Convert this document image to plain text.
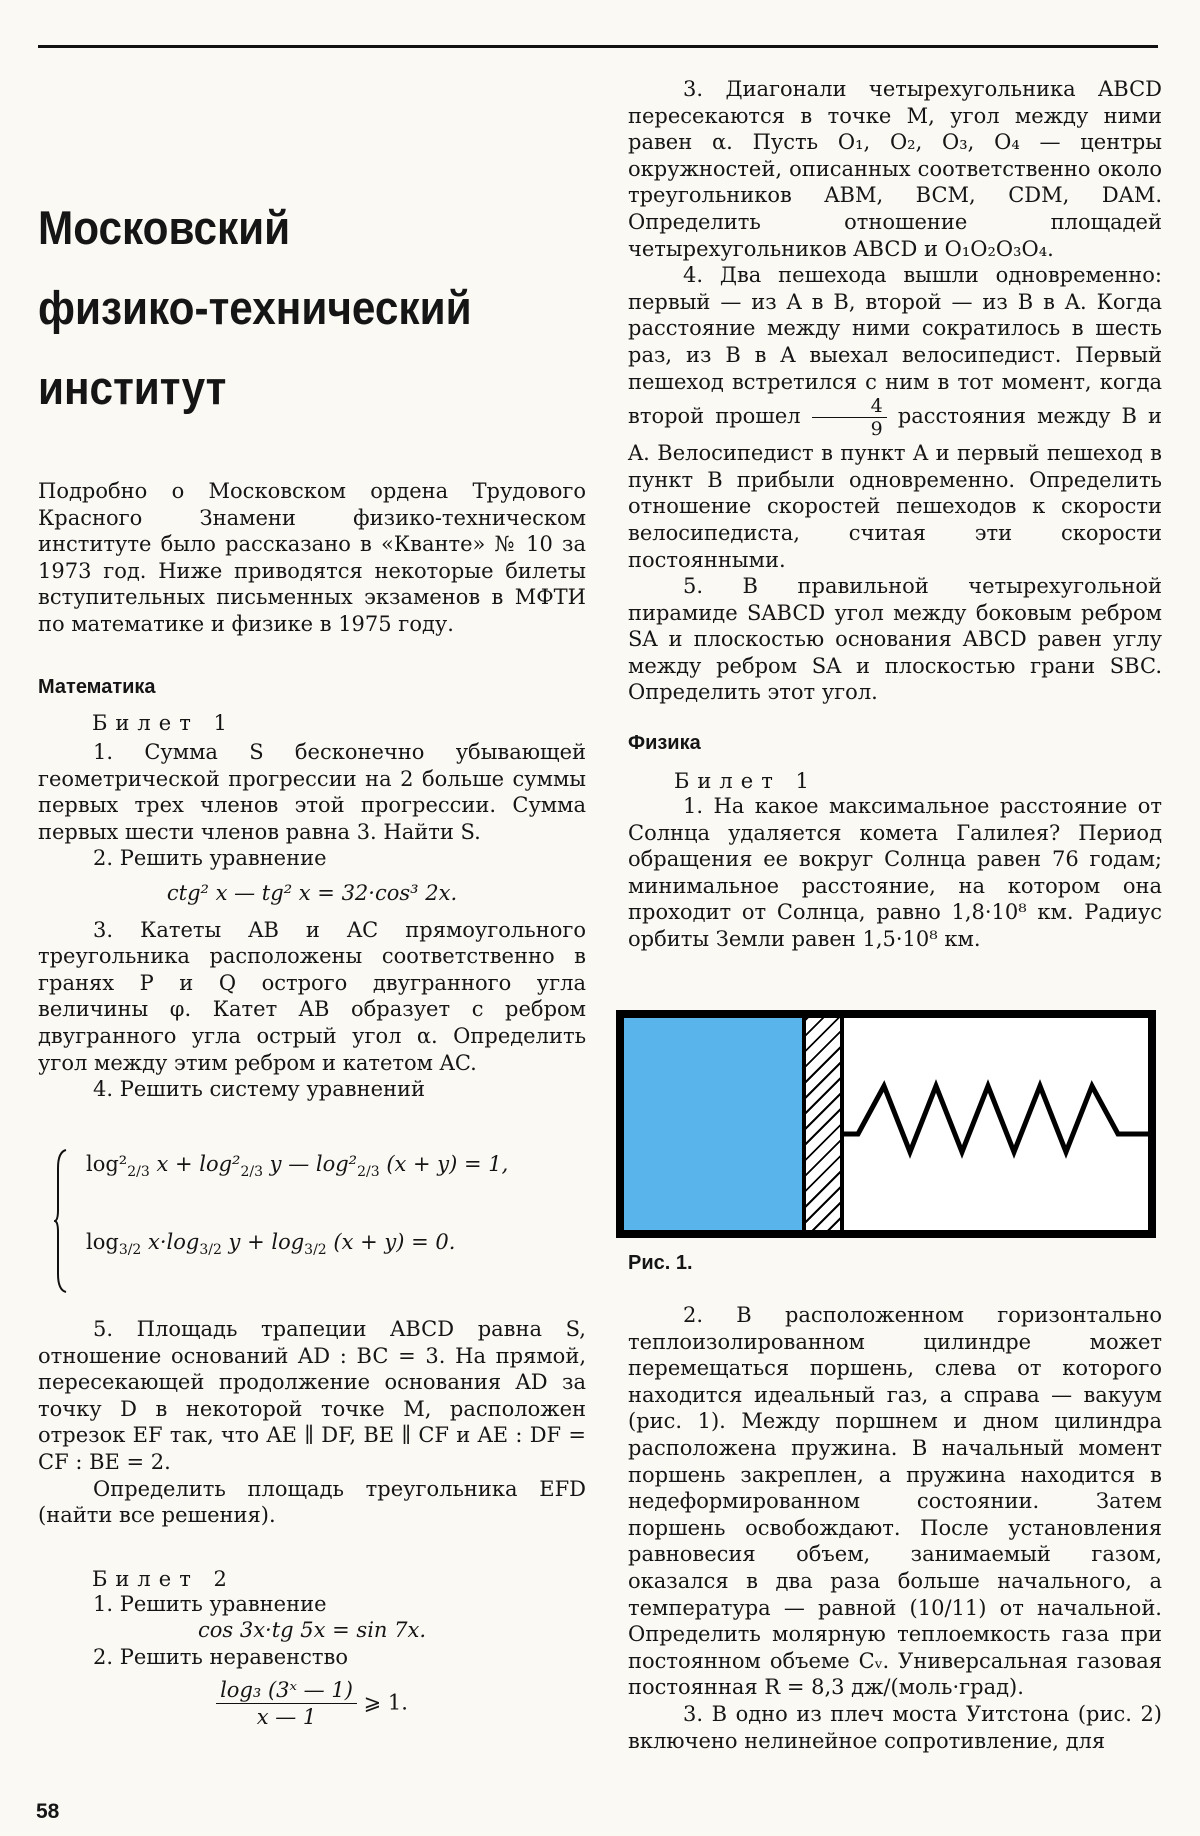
Московский
физико-технический
институт

Подробно о Московском ордена Трудового Красного Знамени физико-техническом институте было рассказано в «Кванте» № 10 за 1973 год. Ниже приводятся некоторые билеты вступительных письменных экзаменов в МФТИ по математике и физике в 1975 году.

Математика

Билет 1

1. Сумма S бесконечно убывающей геометрической прогрессии на 2 больше суммы первых трех членов этой прогрессии. Сумма первых шести членов равна 3. Найти S.

2. Решить уравнение

ctg² x — tg² x = 32·cos³ 2x.

3. Катеты AB и AC прямоугольного треугольника расположены соответственно в гранях P и Q острого двугранного угла величины φ. Катет AB образует с ребром двугранного угла острый угол α. Определить угол между этим ребром и катетом AC.

4. Решить систему уравнений

$\log^2_{2/3}$ $x + \log^2_{2/3}$ y — $\log^2_{2/3}$ (x + y) = 1,
$\log_{3/2} x\cdot\log_{3/2}$ $y + \log_{3/2} (x + y) = 0$.

5. Площадь трапеции ABCD равна S, отношение оснований AD : BC = 3. На прямой, пересекающей продолжение основания AD за точку D в некоторой точке M, расположен отрезок EF так, что AE ∥ DF, BE ∥ CF и AE : DF = CF : BE = 2.

Определить площадь треугольника EFD (найти все решения).

Билет 2

1. Решить уравнение

cos 3x·tg 5x = sin 7x.

2. Решить неравенство

$\frac{\text{log₃ (3ˣ — 1)}}{x — 1}$ ⩾ 1.

3. Диагонали четырехугольника ABCD пересекаются в точке M, угол между ними равен α. Пусть O₁, O₂, O₃, O₄ — центры окружностей, описанных соответственно около треугольников ABM, BCM, CDM, DAM. Определить отношение площадей четырехугольников ABCD и O₁O₂O₃O₄.

4. Два пешехода вышли одновременно: первый — из A в B, второй — из B в A. Когда расстояние между ними сократилось в шесть раз, из B в A выехал велосипедист. Первый пешеход встретился с ним в тот момент, когда второй прошел $\frac{4}{9}$ расстояния между B и A. Велосипедист в пункт A и первый пешеход в пункт B прибыли одновременно. Определить отношение скоростей пешеходов к скорости велосипедиста, считая эти скорости постоянными.

5. В правильной четырехугольной пирамиде SABCD угол между боковым ребром SA и плоскостью основания ABCD равен углу между ребром SA и плоскостью грани SBC. Определить этот угол.

Физика

Билет 1

1. На какое максимальное расстояние от Солнца удаляется комета Галилея? Период обращения ее вокруг Солнца равен 76 годам; минимальное расстояние, на котором она проходит от Солнца, равно 1,8·10⁸ км. Радиус орбиты Земли равен 1,5·10⁸ км.

Рис. 1.

2. В расположенном горизонтально теплоизолированном цилиндре может перемещаться поршень, слева от которого находится идеальный газ, а справа — вакуум (рис. 1). Между поршнем и дном цилиндра расположена пружина. В начальный момент поршень закреплен, а пружина находится в недеформированном состоянии. Затем поршень освобождают. После установления равновесия объем, занимаемый газом, оказался в два раза больше начального, а температура — равной (10/11) от начальной. Определить молярную теплоемкость газа при постоянном объеме Cᵥ. Универсальная газовая постоянная R = 8,3 дж/(моль·град).

3. В одно из плеч моста Уитстона (рис. 2) включено нелинейное сопротивление, для

58
